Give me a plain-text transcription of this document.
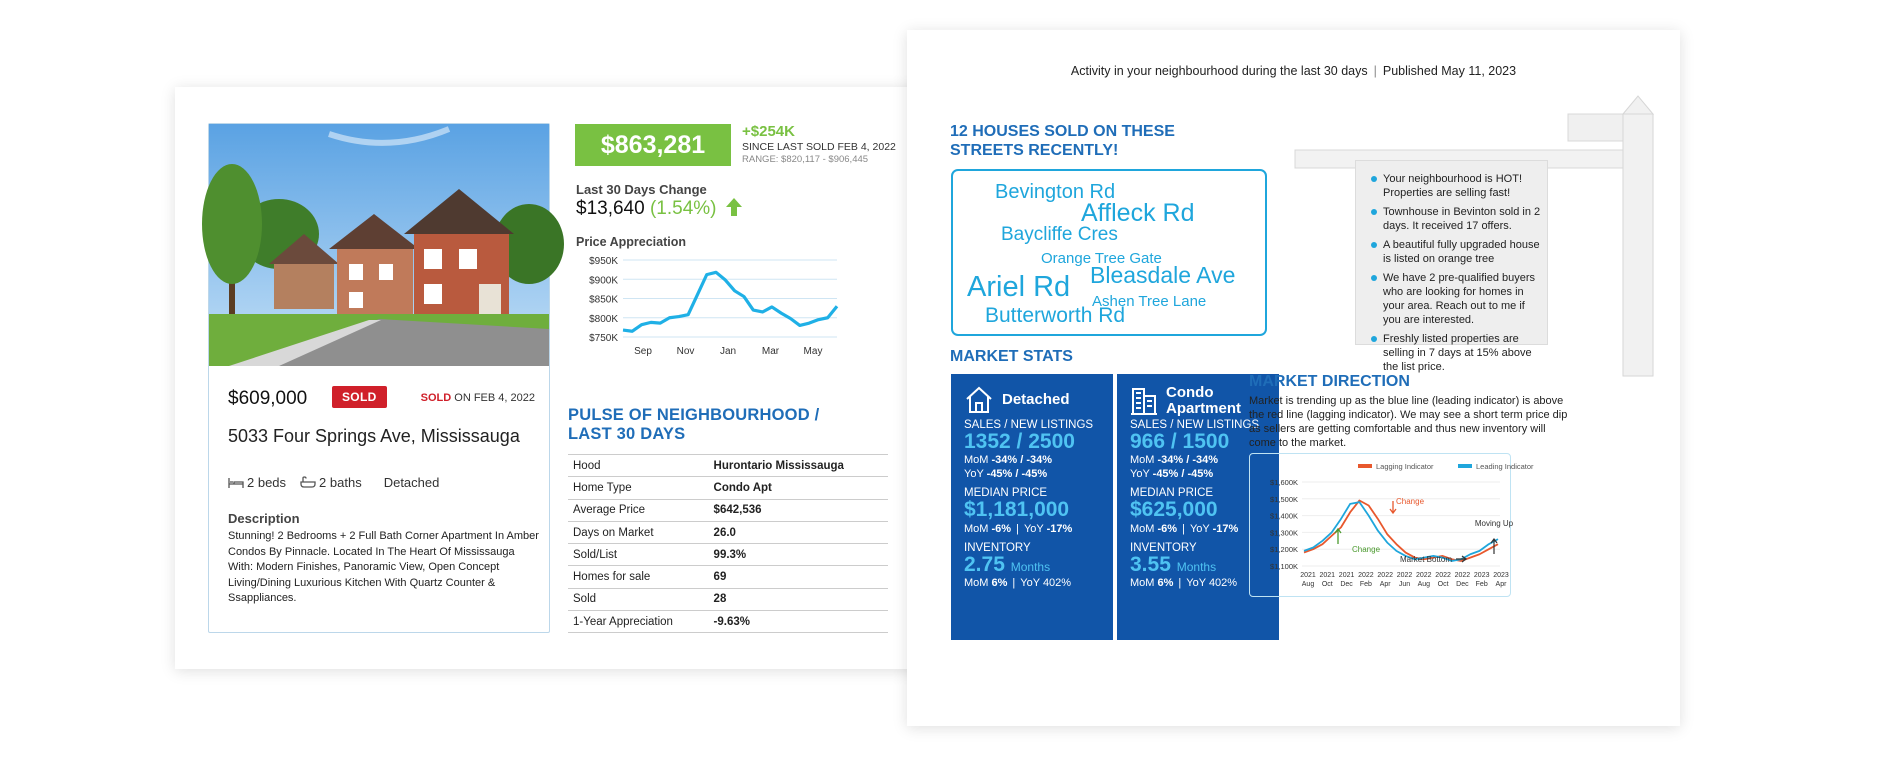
$609,000	SOLD	SOLD ON FEB 4, 2022
5033 Four Springs Ave, Mississauga
2 beds	2 baths Detached
Description
Stunning! 2 Bedrooms + 2 Full Bath Corner Apartment In Amber Condos By Pinnacle. Located In The Heart Of Mississauga With: Modern Finishes, Panoramic View, Open Concept Living/Dining Luxurious Kitchen With Quartz Counter & Ssappliances.
$863,281	+$254K
SINCE LAST SOLD FEB 4, 2022
RANGE: $820,117 - $906,445
Last 30 Days Change
$13,640 (1.54%)
Price Appreciation
$950K
$900K
$850K
$800K
$750K
Sep Nov	Jan	Mar May
PULSE OF NEIGHBOURHOOD /
LAST 30 DAYS
Hood	Hurontario Mississauga
Home Type	Condo Apt
Average Price	$642,536
Days on Market	26.0
Sold/List	99.3%
Homes for sale	69
Sold	28
1-Year Appreciation	-9.63%
Activity in your neighbourhood during the last 30 days | Published May 11, 2023
12 HOUSES SOLD ON THESE
STREETS RECENTLY!
Bevington Rd
Affleck Rd
Baycliffe Cres
Orange Tree Gate
Ariel Rd Bleasdale Ave
Ashen Tree Lane
Butterworth Rd
Your neighbourhood is HOT! Properties are selling fast!
Townhouse in Bevinton sold in 2 days. It received 17 offers.
A beautiful fully upgraded house is listed on orange tree
We have 2 pre-qualified buyers who are looking for homes in your area. Reach out to me if you are interested.
Freshly listed properties are selling in 7 days at 15% above the list price.
MARKET STATS
Detached
SALES / NEW LISTINGS
1352 / 2500
MoM -34% / -34%
YoY -45% / -45%
MEDIAN PRICE
$1,181,000
MoM -6% | YoY -17%
INVENTORY
2.75 Months
MoM 6% | YoY 402%
Condo
Apartment
SALES / NEW LISTINGS
966 / 1500
MoM -34% / -34%
YoY -45% / -45%
MEDIAN PRICE
$625,000
MoM -6% | YoY -17%
INVENTORY
3.55 Months
MoM 6% | YoY 402%
MARKET DIRECTION
Market is trending up as the blue line (leading indicator) is above the red line (lagging indicator). We may see a short term price dip as sellers are getting comfortable and thus new inventory will come to the market.
$1,600K
$1,500K
$1,400K
$1,300K
$1,200K
$1,100K
Lagging Indicator	Leading Indicator
2021
Aug
2021
Oct
2021
Dec
2022
Feb
2022
Apr
2022
Jun
2022
Aug
2022
Oct
2022
Dec
2023
Feb
2023
Apr
Change
Change
Market Bottom
Moving Up
